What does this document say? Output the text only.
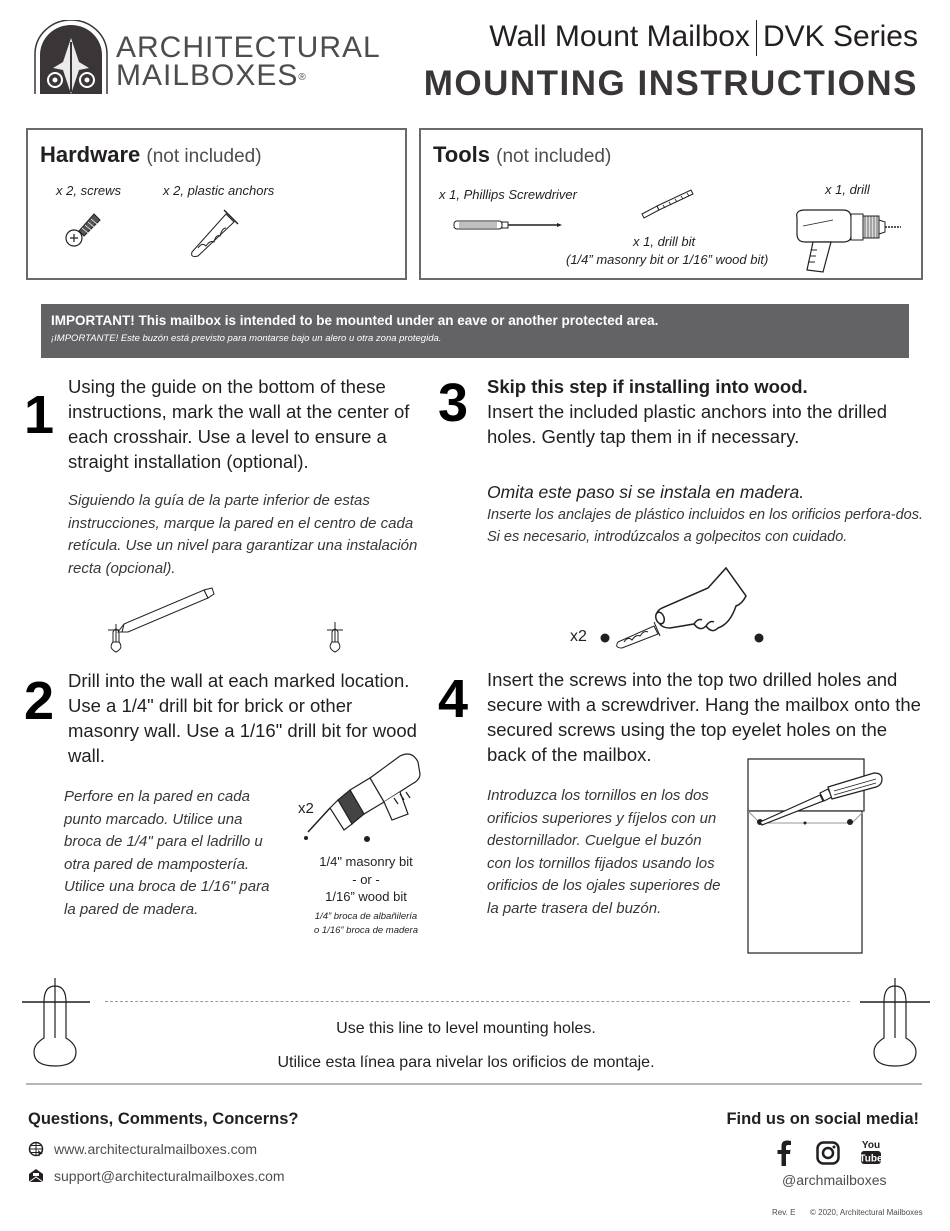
ARCHITECTURAL
MAILBOXES®
Wall Mount Mailbox DVK Series
MOUNTING INSTRUCTIONS
Hardware (not included)
x 2, screws	x 2, plastic anchors
Tools (not included)
x 1, Phillips Screwdriver
x 1, drill bit
(1/4” masonry bit or 1/16” wood bit)
x 1, drill
IMPORTANT! This mailbox is intended to be mounted under an eave or another protected area.
¡IMPORTANTE! Este buzón está previsto para montarse bajo un alero u otra zona protegida.
1 Using the guide on the bottom of these instructions, mark the wall at the center of each crosshair. Use a level to ensure a straight installation (optional).
Siguiendo la guía de la parte inferior de estas instrucciones, marque la pared en el centro de cada retícula. Use un nivel para garantizar una instalación recta (opcional).
2 Drill into the wall at each marked location. Use a 1/4" drill bit for brick or other masonry wall. Use a 1/16" drill bit for wood wall.
Perfore en la pared en cada punto marcado. Utilice una broca de 1/4" para el ladrillo u otra pared de mampostería. Utilice una broca de 1/16" para la pared de madera.
x2
1/4" masonry bit
- or -
1/16” wood bit
1/4” broca de albañilería
o 1/16” broca de madera
3 Skip this step if installing into wood.
Insert the included plastic anchors into the drilled holes. Gently tap them in if necessary.
Omita este paso si se instala en madera.
Inserte los anclajes de plástico incluidos en los orificios perfora-dos. Si es necesario, introdúzcalos a golpecitos con cuidado.
x2
4 Insert the screws into the top two drilled holes and secure with a screwdriver. Hang the mailbox onto the secured screws using the top eyelet holes on the back of the mailbox.
Introduzca los tornillos en los dos orificios superiores y fíjelos con un destornillador. Cuelgue el buzón con los tornillos fijados usando los orificios de los ojales superiores de la parte trasera del buzón.
Use this line to level mounting holes.
Utilice esta línea para nivelar los orificios de montaje.
Questions, Comments, Concerns?
www.architecturalmailboxes.com
support@architecturalmailboxes.com
Find us on social media!
You
Tube
@archmailboxes
Rev. E © 2020, Architectural Mailboxes
